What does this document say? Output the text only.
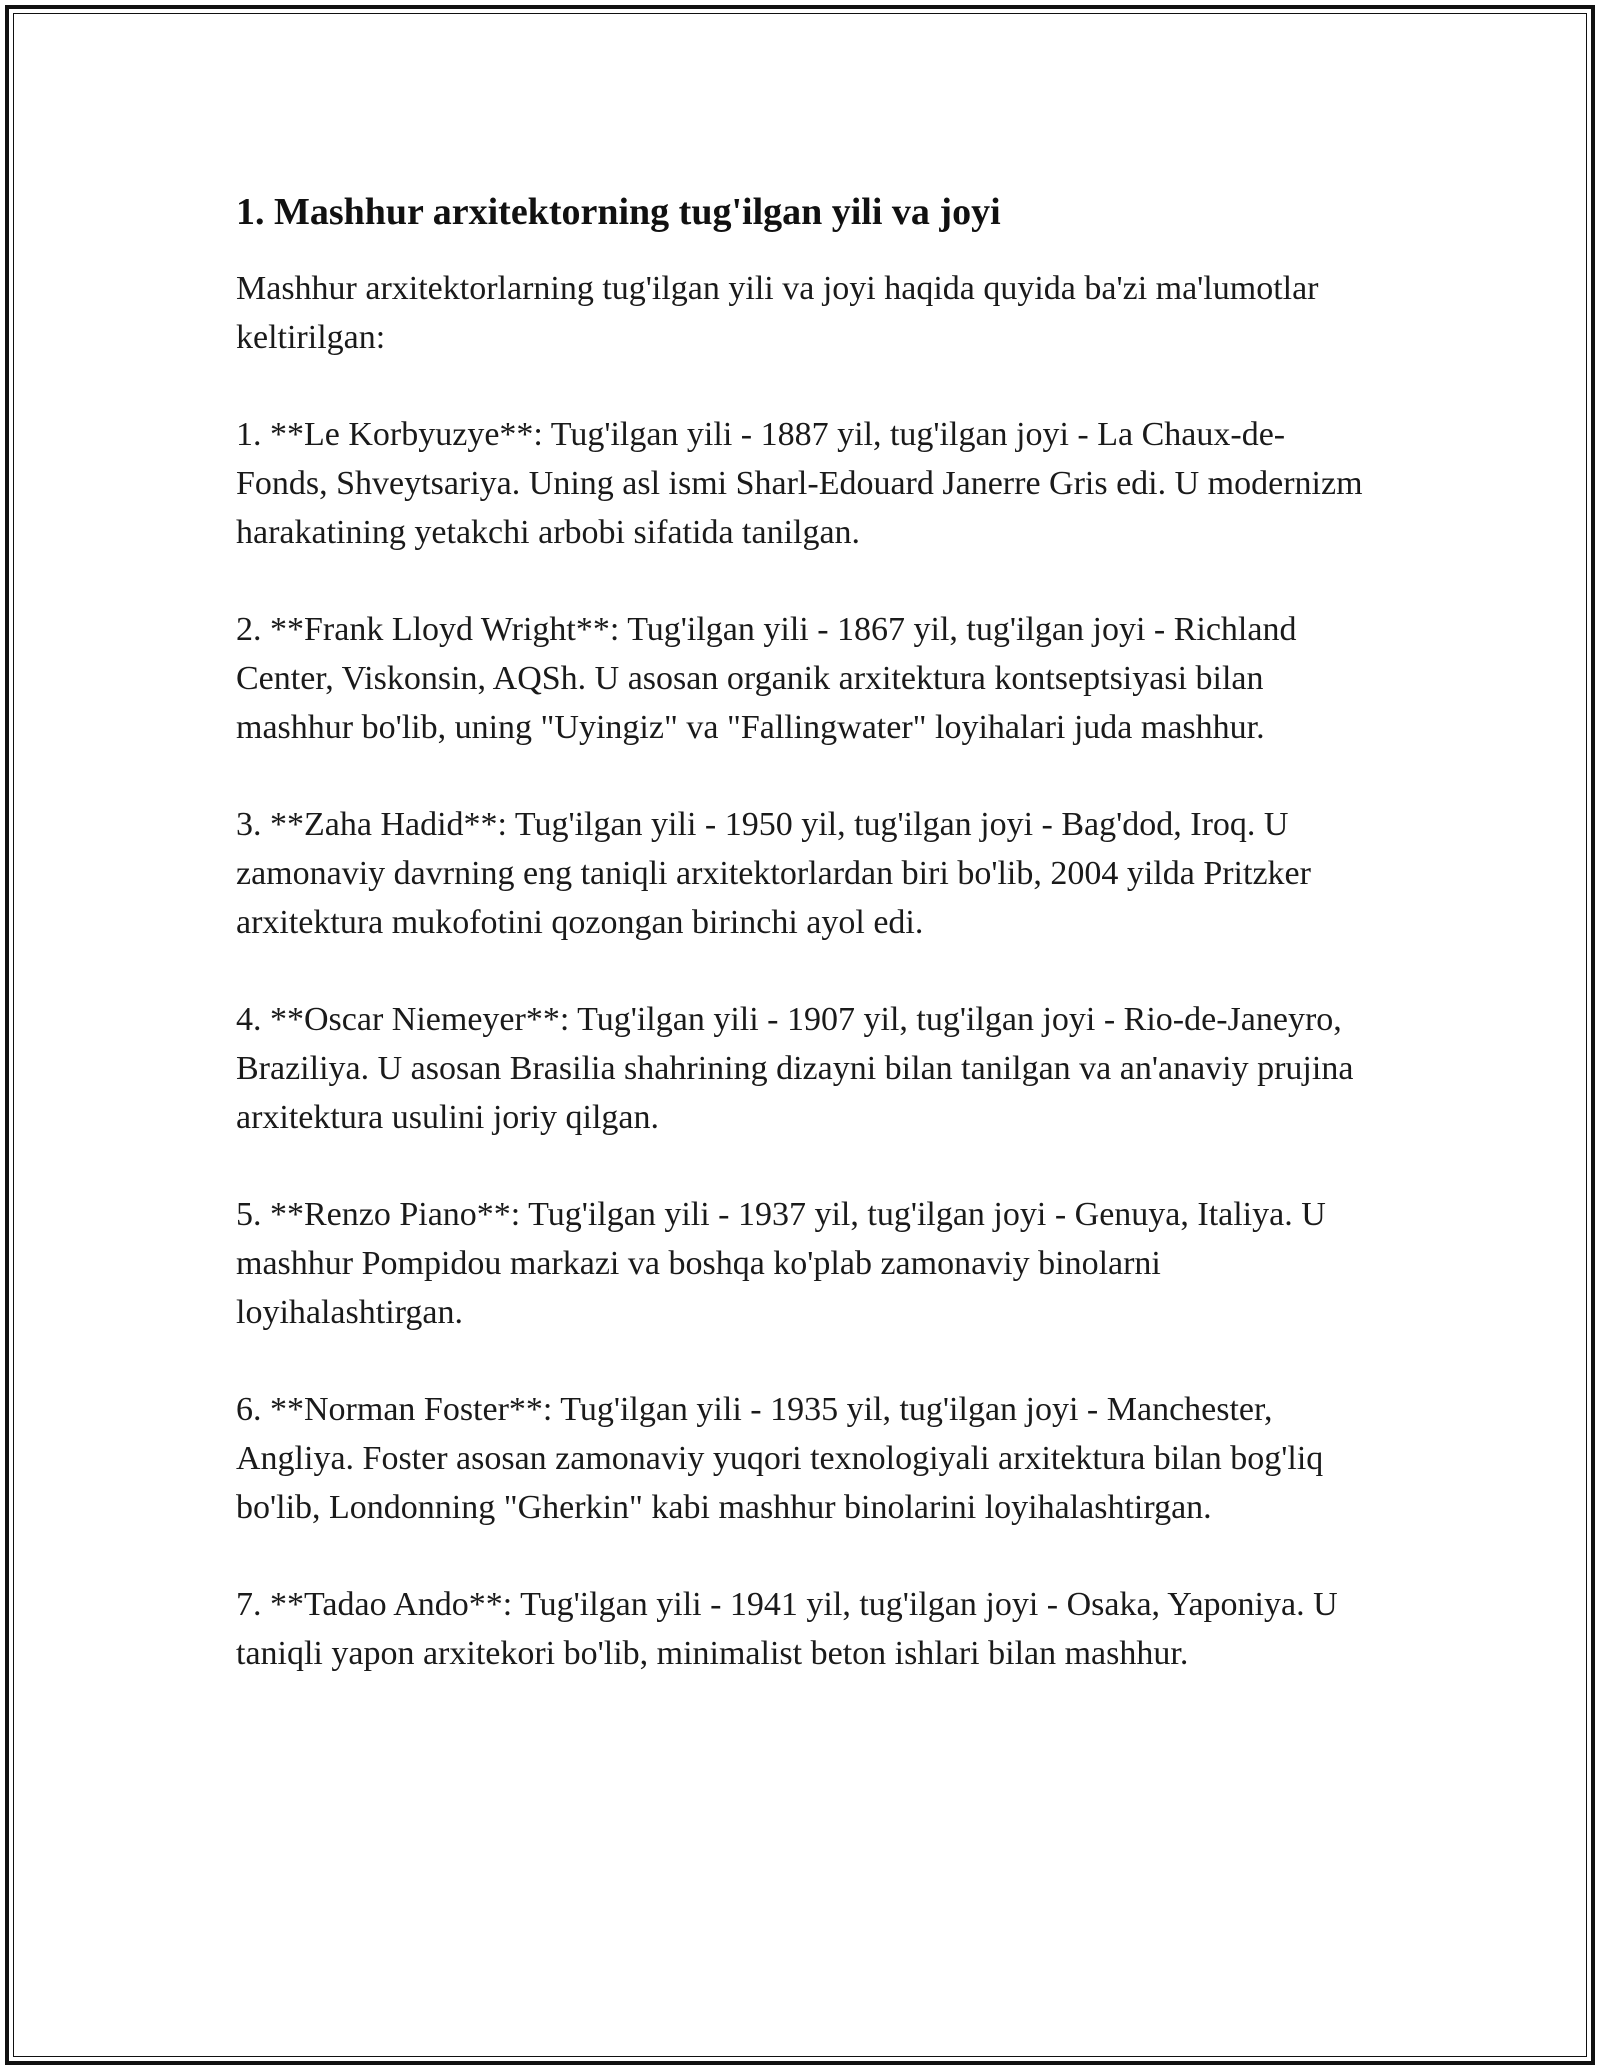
1. Mashhur arxitektorning tug'ilgan yili va joyi

Mashhur arxitektorlarning tug'ilgan yili va joyi haqida quyida ba'zi ma'lumotlar keltirilgan:

1. **Le Korbyuzye**: Tug'ilgan yili - 1887 yil, tug'ilgan joyi - La Chaux-de-Fonds, Shveytsariya. Uning asl ismi Sharl-Edouard Janerre Gris edi. U modernizm harakatining yetakchi arbobi sifatida tanilgan.

2. **Frank Lloyd Wright**: Tug'ilgan yili - 1867 yil, tug'ilgan joyi - Richland Center, Viskonsin, AQSh. U asosan organik arxitektura kontseptsiyasi bilan mashhur bo'lib, uning "Uyingiz" va "Fallingwater" loyihalari juda mashhur.

3. **Zaha Hadid**: Tug'ilgan yili - 1950 yil, tug'ilgan joyi - Bag'dod, Iroq. U zamonaviy davrning eng taniqli arxitektorlardan biri bo'lib, 2004 yilda Pritzker arxitektura mukofotini qozongan birinchi ayol edi.

4. **Oscar Niemeyer**: Tug'ilgan yili - 1907 yil, tug'ilgan joyi - Rio-de-Janeyro, Braziliya. U asosan Brasilia shahrining dizayni bilan tanilgan va an'anaviy prujina arxitektura usulini joriy qilgan.

5. **Renzo Piano**: Tug'ilgan yili - 1937 yil, tug'ilgan joyi - Genuya, Italiya. U mashhur Pompidou markazi va boshqa ko'plab zamonaviy binolarni loyihalashtirgan.

6. **Norman Foster**: Tug'ilgan yili - 1935 yil, tug'ilgan joyi - Manchester, Angliya. Foster asosan zamonaviy yuqori texnologiyali arxitektura bilan bog'liq bo'lib, Londonning "Gherkin" kabi mashhur binolarini loyihalashtirgan.

7. **Tadao Ando**: Tug'ilgan yili - 1941 yil, tug'ilgan joyi - Osaka, Yaponiya. U taniqli yapon arxitekori bo'lib, minimalist beton ishlari bilan mashhur.
